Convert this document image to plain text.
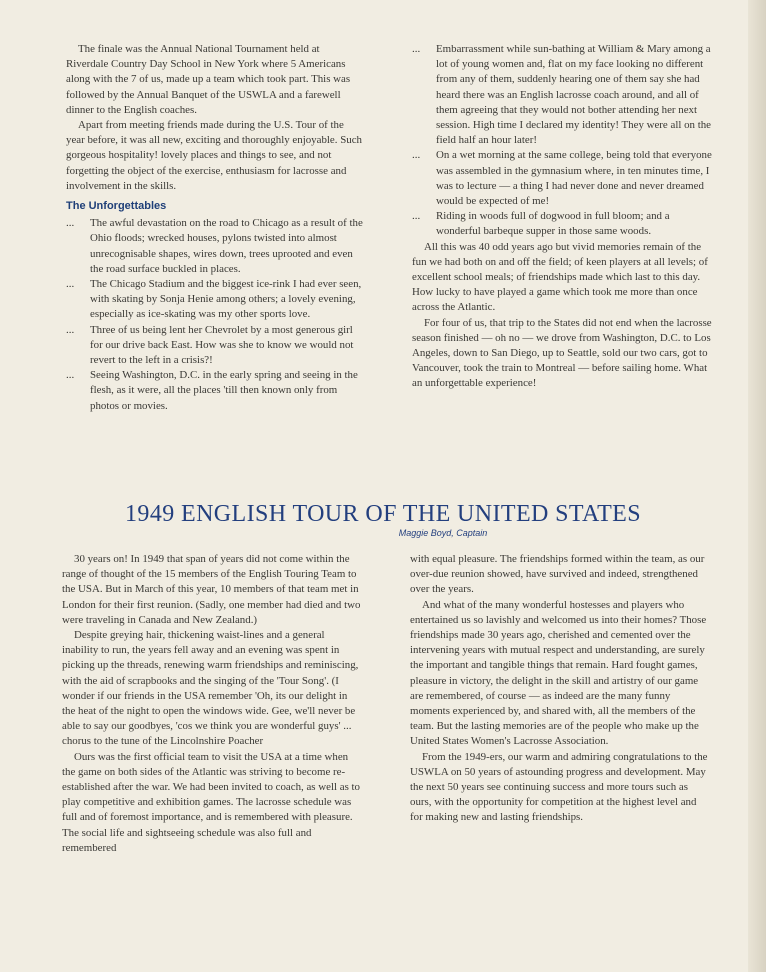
The finale was the Annual National Tournament held at Riverdale Country Day School in New York where 5 Americans along with the 7 of us, made up a team which took part. This was followed by the Annual Banquet of the USWLA and a farewell dinner to the English coaches.

Apart from meeting friends made during the U.S. Tour of the year before, it was all new, exciting and thoroughly enjoyable. Such gorgeous hospitality! lovely places and things to see, and not forgetting the object of the exercise, enthusiasm for lacrosse and involvement in the skills.

The Unforgettables
... The awful devastation on the road to Chicago as a result of the Ohio floods; wrecked houses, pylons twisted into almost unrecognisable shapes, wires down, trees uprooted and even the road surface buckled in places.
... The Chicago Stadium and the biggest ice-rink I had ever seen, with skating by Sonja Henie among others; a lovely evening, especially as ice-skating was my other sports love.
... Three of us being lent her Chevrolet by a most generous girl for our drive back East. How was she to know we would not revert to the left in a crisis?!
... Seeing Washington, D.C. in the early spring and seeing in the flesh, as it were, all the places 'till then known only from photos or movies.
... Embarrassment while sun-bathing at William & Mary among a lot of young women and, flat on my face looking no different from any of them, suddenly hearing one of them say she had heard there was an English lacrosse coach around, and all of them agreeing that they would not bother attending her next session. High time I declared my identity! They were all on the field half an hour later!
... On a wet morning at the same college, being told that everyone was assembled in the gymnasium where, in ten minutes time, I was to lecture — a thing I had never done and never dreamed would be expected of me!
... Riding in woods full of dogwood in full bloom; and a wonderful barbeque supper in those same woods.

All this was 40 odd years ago but vivid memories remain of the fun we had both on and off the field; of keen players at all levels; of excellent school meals; of friendships made which last to this day. How lucky to have played a game which took me more than once across the Atlantic.

For four of us, that trip to the States did not end when the lacrosse season finished — oh no — we drove from Washington, D.C. to Los Angeles, down to San Diego, up to Seattle, sold our two cars, got to Vancouver, took the train to Montreal — before sailing home. What an unforgettable experience!

1949 ENGLISH TOUR OF THE UNITED STATES
Maggie Boyd, Captain

30 years on! In 1949 that span of years did not come within the range of thought of the 15 members of the English Touring Team to the USA. But in March of this year, 10 members of that team met in London for their first reunion. (Sadly, one member had died and two were traveling in Canada and New Zealand.)

Despite greying hair, thickening waist-lines and a general inability to run, the years fell away and an evening was spent in picking up the threads, renewing warm friendships and reminiscing, with the aid of scrapbooks and the singing of the 'Tour Song'. (I wonder if our friends in the USA remember 'Oh, its our delight in the heat of the night to open the windows wide. Gee, we'll never be able to say our goodbyes, 'cos we think you are wonderful guys' ... chorus to the tune of the Lincolnshire Poacher

Ours was the first official team to visit the USA at a time when the game on both sides of the Atlantic was striving to become re-established after the war. We had been invited to coach, as well as to play competitive and exhibition games. The lacrosse schedule was full and of foremost importance, and is remembered with pleasure. The social life and sightseeing schedule was also full and remembered

with equal pleasure. The friendships formed within the team, as our over-due reunion showed, have survived and indeed, strengthened over the years.

And what of the many wonderful hostesses and players who entertained us so lavishly and welcomed us into their homes? Those friendships made 30 years ago, cherished and cemented over the intervening years with mutual respect and understanding, are surely the important and tangible things that remain. Hard fought games, pleasure in victory, the delight in the skill and artistry of our game are remembered, of course — as indeed are the many funny moments experienced by, and shared with, all the members of the team. But the lasting memories are of the people who make up the United States Women's Lacrosse Association.

From the 1949-ers, our warm and admiring congratulations to the USWLA on 50 years of astounding progress and development. May the next 50 years see continuing success and more tours such as ours, with the opportunity for competition at the highest level and for making new and lasting friendships.
